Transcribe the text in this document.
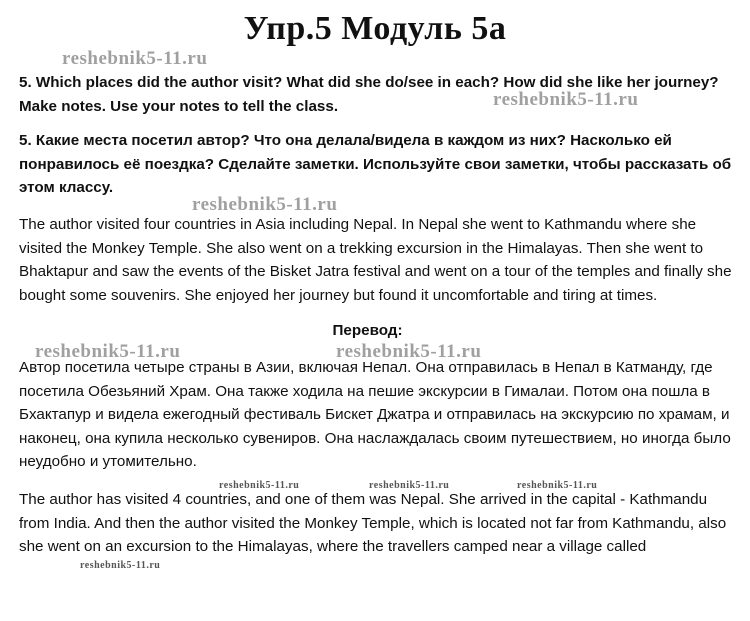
Упр.5 Модуль 5а

5. Which places did the author visit? What did she do/see in each? How did she like her journey? Make notes. Use your notes to tell the class.

5. Какие места посетил автор? Что она делала/видела в каждом из них? Насколько ей понравилось её поездка? Сделайте заметки. Используйте свои заметки, чтобы рассказать об этом классу.

The author visited four countries in Asia including Nepal. In Nepal she went to Kathmandu where she visited the Monkey Temple. She also went on a trekking excursion in the Himalayas. Then she went to Bhaktapur and saw the events of the Bisket Jatra festival and went on a tour of the temples and finally she bought some souvenirs. She enjoyed her journey but found it uncomfortable and tiring at times.

Перевод:

Автор посетила четыре страны в Азии, включая Непал. Она отправилась в Непал в Катманду, где посетила Обезьяний Храм. Она также ходила на пешие экскурсии в Гималаи. Потом она пошла в Бхактапур и видела ежегодный фестиваль Бискет Джатра и отправилась на экскурсию по храмам, и наконец, она купила несколько сувениров. Она наслаждалась своим путешествием, но иногда было неудобно и утомительно.

The author has visited 4 countries, and one of them was Nepal. She arrived in the capital - Kathmandu from India. And then the author visited the Monkey Temple, which is located not far from Kathmandu, also she went on an excursion to the Himalayas, where the travellers camped near a village called

reshebnik5-11.ru
reshebnik5-11.ru
reshebnik5-11.ru
reshebnik5-11.ru	reshebnik5-11.ru
reshebnik5-11.ru	reshebnik5-11.ru	reshebnik5-11.ru
reshebnik5-11.ru
